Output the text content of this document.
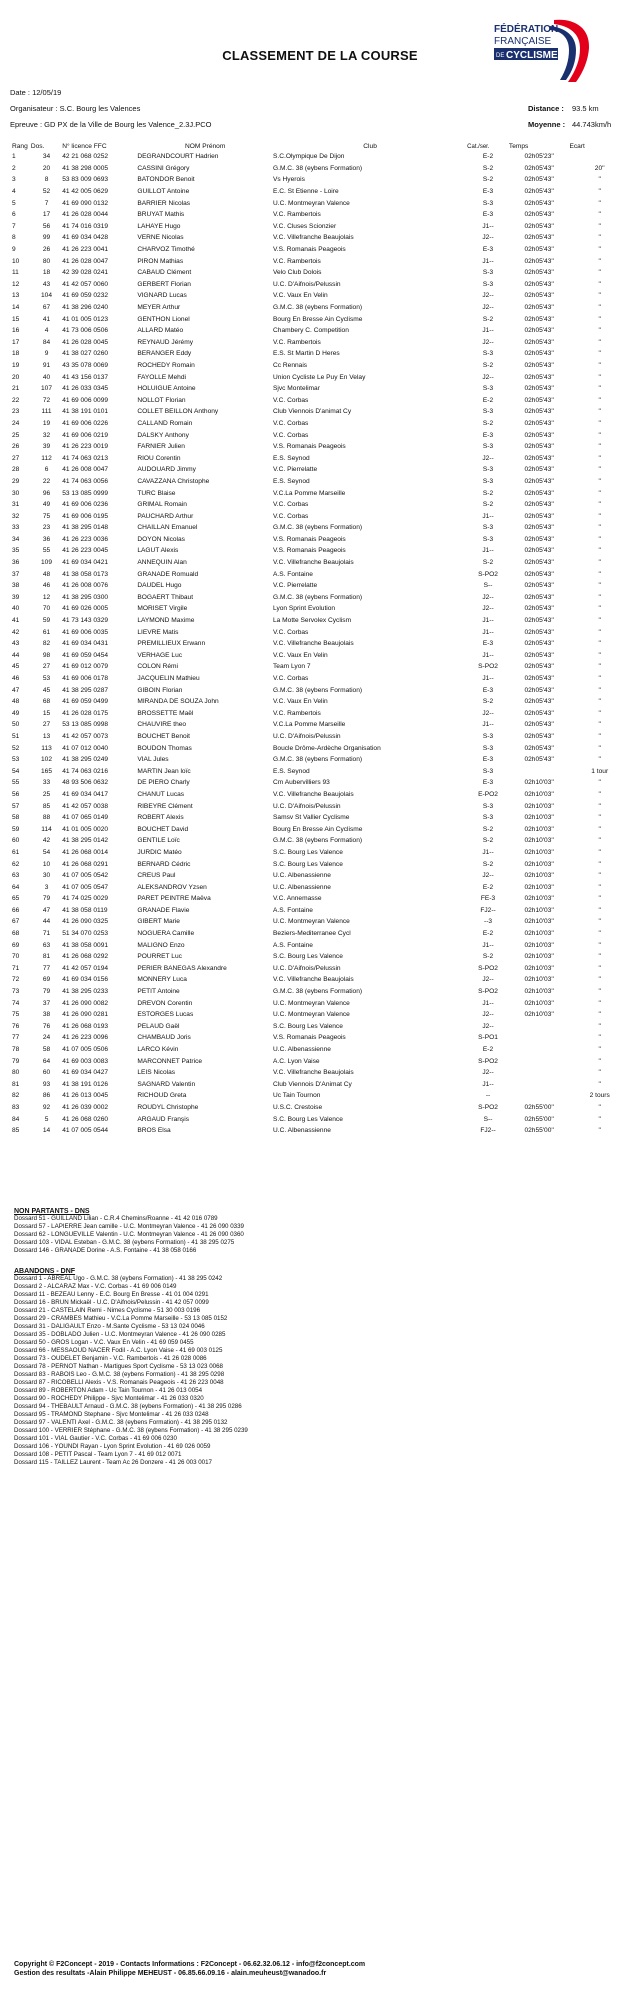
FÉDÉRATION
FRANÇAISE
DE CYCLISME
CLASSEMENT DE LA COURSE
Date : 12/05/19
Organisateur : S.C. Bourg les Valences
Epreuve : GD PX de la Ville de Bourg les Valence_2.3J.PCO
Distance : 93.5 km
Moyenne : 44.743km/h
Rang	Dos.	N° licence FFC	NOM Prénom	Club	Cat./ser.	Temps	Ecart
1	34	42 21 068 0252	DEGRANDCOURT Hadrien	S.C.Olympique De Dijon	E-2	02h05'23''	
2	20	41 38 298 0005	CASSINI Grégory	G.M.C. 38 (eybens Formation)	S-2	02h05'43''	20''
3	8	53 83 009 0693	BATONDOR Benoit	Vs Hyerois	S-2	02h05'43''	"
4	52	41 42 005 0629	GUILLOT Antoine	E.C. St Etienne - Loire	E-3	02h05'43''	"
5	7	41 69 090 0132	BARRIER Nicolas	U.C. Montmeyran Valence	S-3	02h05'43''	"
6	17	41 26 028 0044	BRUYAT Mathis	V.C. Rambertois	E-3	02h05'43''	"
7	56	41 74 016 0319	LAHAYE Hugo	V.C. Cluses Scionzier	J1--	02h05'43''	"
8	99	41 69 034 0428	VERNE Nicolas	V.C. Villefranche Beaujolais	J2--	02h05'43''	"
9	26	41 26 223 0041	CHARVOZ Timothé	V.S. Romanais Peageois	E-3	02h05'43''	"
10	80	41 26 028 0047	PIRON Mathias	V.C. Rambertois	J1--	02h05'43''	"
11	18	42 39 028 0241	CABAUD Clément	Velo Club Dolois	S-3	02h05'43''	"
12	43	41 42 057 0060	GERBERT Florian	U.C. D'Aifnois/Pelussin	S-3	02h05'43''	"
13	104	41 69 059 0232	VIGNARD Lucas	V.C. Vaux En Velin	J2--	02h05'43''	"
14	67	41 38 296 0240	MEYER Arthur	G.M.C. 38 (eybens Formation)	J2--	02h05'43''	"
15	41	41 01 005 0123	GENTHON Lionel	Bourg En Bresse Ain Cyclisme	S-2	02h05'43''	"
16	4	41 73 006 0506	ALLARD Matéo	Chambery C. Competition	J1--	02h05'43''	"
17	84	41 26 028 0045	REYNAUD Jérémy	V.C. Rambertois	J2--	02h05'43''	"
18	9	41 38 027 0260	BERANGER Eddy	E.S. St Martin D Heres	S-3	02h05'43''	"
19	91	43 35 078 0069	ROCHEDY Romain	Cc Rennais	S-2	02h05'43''	"
20	40	41 43 156 0137	FAYOLLE Mehdi	Union Cycliste Le Puy En Velay	J2--	02h05'43''	"
21	107	41 26 033 0345	HOLUIGUE Antoine	Sjvc Montelimar	S-3	02h05'43''	"
22	72	41 69 006 0099	NOLLOT Florian	V.C. Corbas	E-2	02h05'43''	"
23	111	41 38 191 0101	COLLET BEILLON Anthony	Club Viennois D'animat Cy	S-3	02h05'43''	"
24	19	41 69 006 0226	CALLAND Romain	V.C. Corbas	S-2	02h05'43''	"
25	32	41 69 006 0219	DALSKY Anthony	V.C. Corbas	E-3	02h05'43''	"
26	39	41 26 223 0019	FARNIER Julien	V.S. Romanais Peageois	S-3	02h05'43''	"
27	112	41 74 063 0213	RIOU Corentin	E.S. Seynod	J2--	02h05'43''	"
28	6	41 26 008 0047	AUDOUARD Jimmy	V.C. Pierrelatte	S-3	02h05'43''	"
29	22	41 74 063 0056	CAVAZZANA Christophe	E.S. Seynod	S-3	02h05'43''	"
30	96	53 13 085 0999	TURC Blaise	V.C.La Pomme Marseille	S-2	02h05'43''	"
31	49	41 69 006 0236	GRIMAL Romain	V.C. Corbas	S-2	02h05'43''	"
32	75	41 69 006 0195	PAUCHARD Arthur	V.C. Corbas	J1--	02h05'43''	"
33	23	41 38 295 0148	CHAILLAN Emanuel	G.M.C. 38 (eybens Formation)	S-3	02h05'43''	"
34	36	41 26 223 0036	DOYON Nicolas	V.S. Romanais Peageois	S-3	02h05'43''	"
35	55	41 26 223 0045	LAGUT Alexis	V.S. Romanais Peageois	J1--	02h05'43''	"
36	109	41 69 034 0421	ANNEQUIN Alan	V.C. Villefranche Beaujolais	S-2	02h05'43''	"
37	48	41 38 058 0173	GRANADE Romuald	A.S. Fontaine	S-PO2	02h05'43''	"
38	46	41 26 008 0076	DAUDEL Hugo	V.C. Pierrelatte	S--	02h05'43''	"
39	12	41 38 295 0300	BOGAERT Thibaut	G.M.C. 38 (eybens Formation)	J2--	02h05'43''	"
40	70	41 69 026 0005	MORISET Virgile	Lyon Sprint Evolution	J2--	02h05'43''	"
41	59	41 73 143 0329	LAYMOND Maxime	La Motte Servolex Cyclism	J1--	02h05'43''	"
42	61	41 69 006 0035	LIEVRE Matis	V.C. Corbas	J1--	02h05'43''	"
43	82	41 69 034 0431	PREMILLIEUX Erwann	V.C. Villefranche Beaujolais	E-3	02h05'43''	"
44	98	41 69 059 0454	VERHAGE Luc	V.C. Vaux En Velin	J1--	02h05'43''	"
45	27	41 69 012 0079	COLON Rémi	Team Lyon 7	S-PO2	02h05'43''	"
46	53	41 69 006 0178	JACQUELIN Mathieu	V.C. Corbas	J1--	02h05'43''	"
47	45	41 38 295 0287	GIBOIN Florian	G.M.C. 38 (eybens Formation)	E-3	02h05'43''	"
48	68	41 69 059 0499	MIRANDA DE SOUZA John	V.C. Vaux En Velin	S-2	02h05'43''	"
49	15	41 26 028 0175	BROSSETTE Maël	V.C. Rambertois	J2--	02h05'43''	"
50	27	53 13 085 0998	CHAUVIRE theo	V.C.La Pomme Marseille	J1--	02h05'43''	"
51	13	41 42 057 0073	BOUCHET Benoit	U.C. D'Aifnois/Pelussin	S-3	02h05'43''	"
52	113	41 07 012 0040	BOUDON Thomas	Boucle Drôme-Ardèche Organisation	S-3	02h05'43''	"
53	102	41 38 295 0249	VIAL Jules	G.M.C. 38 (eybens Formation)	E-3	02h05'43''	"
54	165	41 74 063 0216	MARTIN Jean loïc	E.S. Seynod	S-3		1 tour
55	33	48 93 506 0632	DE PIERO Charly	Cm Aubervilliers 93	E-3	02h10'03''	"
56	25	41 69 034 0417	CHANUT Lucas	V.C. Villefranche Beaujolais	E-PO2	02h10'03''	"
57	85	41 42 057 0038	RIBEYRE Clément	U.C. D'Aifnois/Pelussin	S-3	02h10'03''	"
58	88	41 07 065 0149	ROBERT Alexis	Samsv St Vallier Cyclisme	S-3	02h10'03''	"
59	114	41 01 005 0020	BOUCHET David	Bourg En Bresse Ain Cyclisme	S-2	02h10'03''	"
60	42	41 38 295 0142	GENTILE Loïc	G.M.C. 38 (eybens Formation)	S-2	02h10'03''	"
61	54	41 26 068 0014	JURDIC Matéo	S.C. Bourg Les Valence	J1--	02h10'03''	"
62	10	41 26 068 0291	BERNARD Cédric	S.C. Bourg Les Valence	S-2	02h10'03''	"
63	30	41 07 005 0542	CREUS Paul	U.C. Albenassienne	J2--	02h10'03''	"
64	3	41 07 005 0547	ALEKSANDROV Yzsen	U.C. Albenassienne	E-2	02h10'03''	"
65	79	41 74 025 0029	PARET PEINTRE Maëva	V.C. Annemasse	FE-3	02h10'03''	"
66	47	41 38 058 0119	GRANADE Flavie	A.S. Fontaine	FJ2--	02h10'03''	"
67	44	41 26 090 0325	GIBERT Marie	U.C. Montmeyran Valence	--3	02h10'03''	"
68	71	51 34 070 0253	NOGUERA Camille	Beziers-Mediterranee Cycl	E-2	02h10'03''	"
69	63	41 38 058 0091	MALIGNO Enzo	A.S. Fontaine	J1--	02h10'03''	"
70	81	41 26 068 0292	POURRET Luc	S.C. Bourg Les Valence	S-2	02h10'03''	"
71	77	41 42 057 0194	PERIER BANEGAS Alexandre	U.C. D'Aifnois/Pelussin	S-PO2	02h10'03''	"
72	69	41 69 034 0156	MONNERY Luca	V.C. Villefranche Beaujolais	J2--	02h10'03''	"
73	79	41 38 295 0233	PETIT Antoine	G.M.C. 38 (eybens Formation)	S-PO2	02h10'03''	"
74	37	41 26 090 0082	DREVON Corentin	U.C. Montmeyran Valence	J1--	02h10'03''	"
75	38	41 26 090 0281	ESTORGES Lucas	U.C. Montmeyran Valence	J2--	02h10'03''	"
76	76	41 26 068 0193	PELAUD Gaël	S.C. Bourg Les Valence	J2--		"
77	24	41 26 223 0096	CHAMBAUD Joris	V.S. Romanais Peageois	S-PO1		"
78	58	41 07 005 0506	LARCO Kévin	U.C. Albenassienne	E-2		"
79	64	41 69 003 0083	MARCONNET Patrice	A.C. Lyon Vaise	S-PO2		"
80	60	41 69 034 0427	LEIS Nicolas	V.C. Villefranche Beaujolais	J2--		"
81	93	41 38 191 0126	SAGNARD Valentin	Club Viennois D'Animat Cy	J1--		"
82	86	41 26 013 0045	RICHOUD Greta	Uc Tain Tournon	--		2 tours
83	92	41 26 039 0002	ROUDYL Christophe	U.S.C. Crestoise	S-PO2	02h55'00''	"
84	5	41 26 068 0260	ARGAUD Franşis	S.C. Bourg Les Valence	S--	02h55'00''	"
85	14	41 07 005 0544	BROS Elsa	U.C. Albenassienne	FJ2--	02h55'00''	"
NON PARTANTS - DNS
Dossard 51 - GUILLAND Lilian - C.R.4 Chemins/Roanne - 41 42 016 0789
Dossard 57 - LAPIERRE Jean camille - U.C. Montmeyran Valence - 41 26 090 0339
Dossard 62 - LONGUEVILLE Valentin - U.C. Montmeyran Valence - 41 26 090 0360
Dossard 103 - VIDAL Esteban - G.M.C. 38 (eybens Formation) - 41 38 295 0275
Dossard 146 - GRANADE Dorine - A.S. Fontaine - 41 38 058 0166
ABANDONS - DNF
Dossard 1 - ABREAL Ugo - G.M.C. 38 (eybens Formation) - 41 38 295 0242
Dossard 2 - ALCARAZ Max - V.C. Corbas - 41 69 006 0149
Dossard 11 - BEZEAU Lenny - E.C. Bourg En Bresse - 41 01 004 0291
Dossard 16 - BRUN Mickaël - U.C. D'Aifnois/Pelussin - 41 42 057 0099
Dossard 21 - CASTELAIN Remi - Nimes Cyclisme - 51 30 003 0196
Dossard 29 - CRAMBES Mathieu - V.C.La Pomme Marseille - 53 13 085 0152
Dossard 31 - DALIGAULT Enzo - M.Sante Cyclisme - 53 13 024 0046
Dossard 35 - DOBLADO Julien - U.C. Montmeyran Valence - 41 26 090 0285
Dossard 50 - GROS Logan - V.C. Vaux En Velin - 41 69 059 0455
Dossard 66 - MESSAOUD NACER Fodil - A.C. Lyon Vaise - 41 69 003 0125
Dossard 73 - OUDELET Benjamin - V.C. Rambertois - 41 26 028 0086
Dossard 78 - PERNOT Nathan - Martigues Sport Cyclisme - 53 13 023 0068
Dossard 83 - RABOIS Leo - G.M.C. 38 (eybens Formation) - 41 38 295 0298
Dossard 87 - RICOBELLI Alexis - V.S. Romanais Peageois - 41 26 223 0048
Dossard 89 - ROBERTON Adam - Uc Tain Tournon - 41 26 013 0054
Dossard 90 - ROCHEDY Philippe - Sjvc Montelimar - 41 26 033 0320
Dossard 94 - THEBAULT Arnaud - G.M.C. 38 (eybens Formation) - 41 38 295 0286
Dossard 95 - TRAMOND Stephane - Sjvc Montelimar - 41 26 033 0248
Dossard 97 - VALENTI Axel - G.M.C. 38 (eybens Formation) - 41 38 295 0132
Dossard 100 - VERRIER Stéphane - G.M.C. 38 (eybens Formation) - 41 38 295 0239
Dossard 101 - VIAL Gautier - V.C. Corbas - 41 69 006 0230
Dossard 106 - YOUNDI Rayan - Lyon Sprint Evolution - 41 69 026 0059
Dossard 108 - PETIT Pascal - Team Lyon 7 - 41 69 012 0071
Dossard 115 - TAILLEZ Laurent - Team Ac 26 Donzere - 41 26 003 0017
Copyright © F2Concept - 2019 - Contacts Informations : F2Concept - 06.62.32.06.12 - info@f2concept.com
Gestion des resultats -Alain Philippe MEHEUST - 06.85.66.09.16 - alain.meuheust@wanadoo.fr
